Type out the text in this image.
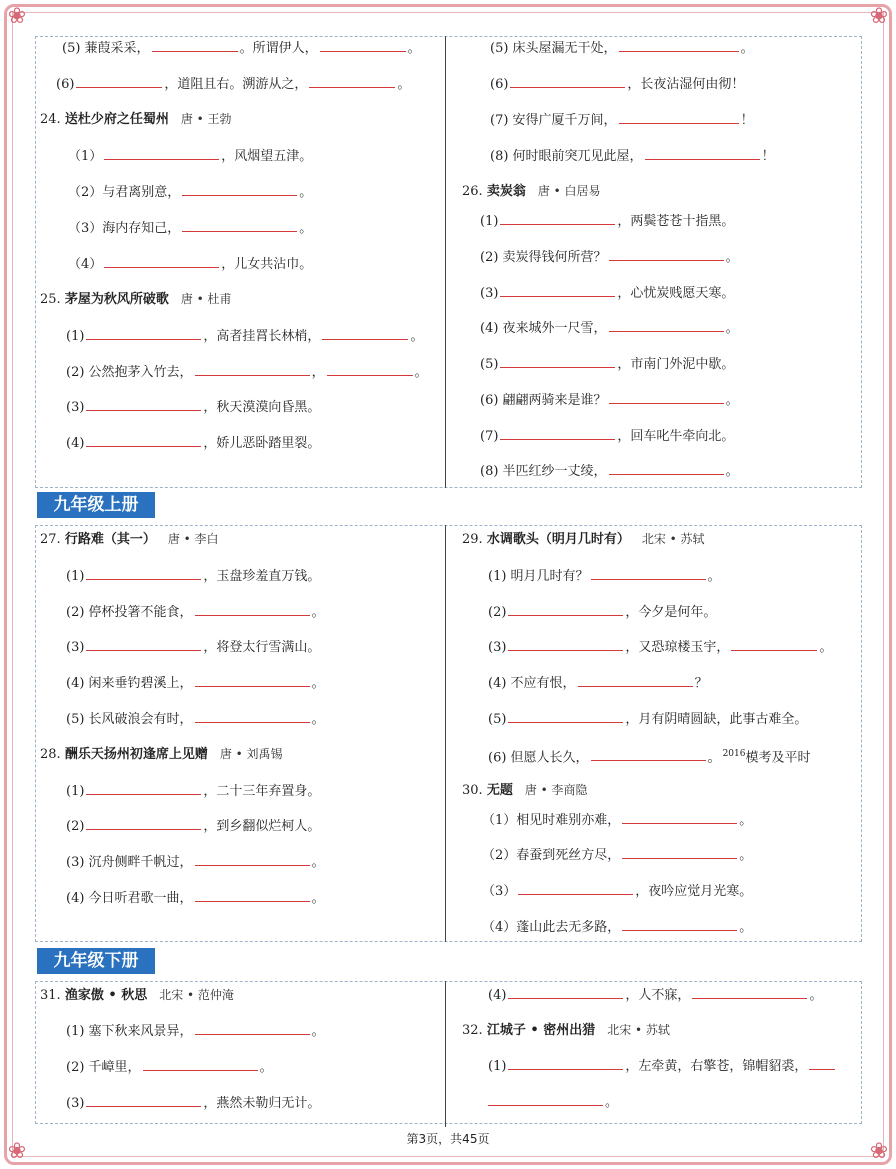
❀	❀
❀	❀
(5) 蒹葭采采，	。所谓伊人，	。
(6)	，道阻且右。溯游从之，	。
24. 送杜少府之任蜀州 唐 • 王勃
（1）	，风烟望五津。
（2）与君离别意，	。
（3）海内存知己，	。
（4）	，儿女共沾巾。
25. 茅屋为秋风所破歌 唐 • 杜甫
(1)	，高者挂罥长林梢，	。
(2) 公然抱茅入竹去，	，	。
(3)	，秋天漠漠向昏黑。
(4)	，娇儿恶卧踏里裂。
(5) 床头屋漏无干处，	。
(6)	，长夜沾湿何由彻！
(7) 安得广厦千万间，	！
(8) 何时眼前突兀见此屋，	！
26. 卖炭翁 唐 • 白居易
(1)	，两鬓苍苍十指黑。
(2) 卖炭得钱何所营？	。
(3)	，心忧炭贱愿天寒。
(4) 夜来城外一尺雪，	。
(5)	，市南门外泥中歇。
(6) 翩翩两骑来是谁？	。
(7)	，回车叱牛牵向北。
(8) 半匹红纱一丈绫，	。
九年级上册
27. 行路难（其一） 唐 • 李白
(1)	，玉盘珍羞直万钱。
(2) 停杯投箸不能食，	。
(3)	，将登太行雪满山。
(4) 闲来垂钓碧溪上，	。
(5) 长风破浪会有时，	。
28. 酬乐天扬州初逢席上见赠 唐 • 刘禹锡
(1)	，二十三年弃置身。
(2)	，到乡翻似烂柯人。
(3) 沉舟侧畔千帆过，	。
(4) 今日听君歌一曲，	。
29. 水调歌头（明月几时有） 北宋 • 苏轼
(1) 明月几时有？	。
(2)	，今夕是何年。
(3)	，又恐琼楼玉宇，	。
(4) 不应有恨，	？
(5)	，月有阴晴圆缺，此事古难全。
(6) 但愿人长久，	。 $^{2016}$模考及平时
30. 无题 唐 • 李商隐
（1）相见时难别亦难，	。
（2）春蚕到死丝方尽，	。
（3）	，夜吟应觉月光寒。
（4）蓬山此去无多路，	。
九年级下册
31. 渔家傲 • 秋思 北宋 • 范仲淹
(1) 塞下秋来风景异，	。
(2) 千嶂里，	。
(3)	，燕然未勒归无计。
(4)	，人不寐，	。
32. 江城子 • 密州出猎 北宋 • 苏轼
(1)	，左牵黄，右擎苍，锦帽貂裘，
。
第3页，共45页
